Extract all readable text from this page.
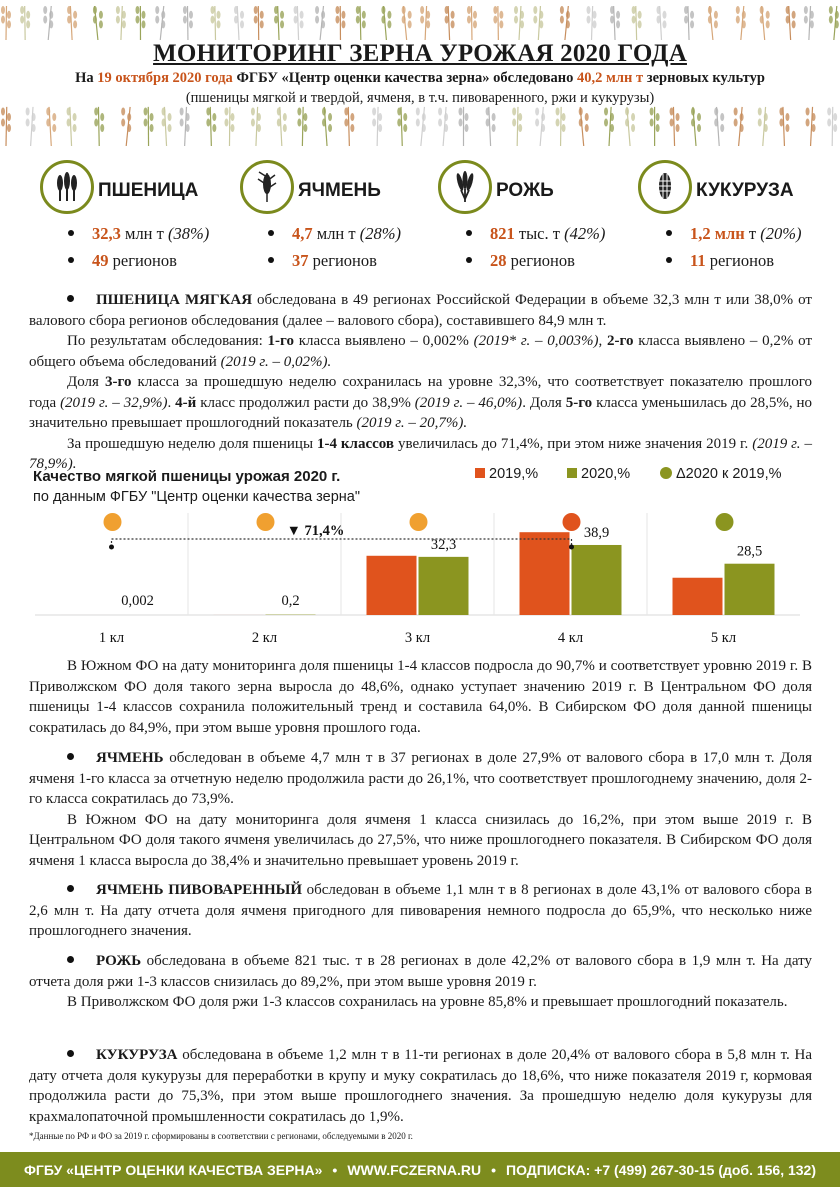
МОНИТОРИНГ ЗЕРНА УРОЖАЯ 2020 ГОДА
На 19 октября 2020 года ФГБУ «Центр оценки качества зерна» обследовано 40,2 млн т зерновых культур
(пшеницы мягкой и твердой, ячменя, в т.ч. пивоваренного, ржи и кукурузы)
ПШЕНИЦА
32,3 млн т (38%)
49 регионов
ЯЧМЕНЬ
4,7 млн т (28%)
37 регионов
РОЖЬ
821 тыс. т (42%)
28 регионов
КУКУРУЗА
1,2 млн т (20%)
11 регионов

ПШЕНИЦА МЯГКАЯ обследована в 49 регионах Российской Федерации в объеме 32,3 млн т или 38,0% от валового сбора регионов обследования (далее – валового сбора), составившего 84,9 млн т.

По результатам обследования: 1-го класса выявлено – 0,002% (2019* г. – 0,003%), 2-го класса выявлено – 0,2% от общего объема обследований (2019 г. – 0,02%).

Доля 3-го класса за прошедшую неделю сохранилась на уровне 32,3%, что соответствует показателю прошлого года (2019 г. – 32,9%). 4-й класс продолжил расти до 38,9% (2019 г. – 46,0%). Доля 5-го класса уменьшилась до 28,5%, но значительно превышает прошлогодний показатель (2019 г. – 20,7%).

За прошедшую неделю доля пшеницы 1-4 классов увеличилась до 71,4%, при этом ниже значения 2019 г. (2019 г. – 78,9%).

Качество мягкой пшеницы урожая 2020 г.
по данным ФГБУ "Центр оценки качества зерна"
2019,%	2020,%	Δ2020 к 2019,%
0,002
1 кл
0,2
2 кл
32,3
3 кл
38,9
4 кл
28,5
5 кл
▼ 71,4%

В Южном ФО на дату мониторинга доля пшеницы 1-4 классов подросла до 90,7% и соответствует уровню 2019 г. В Приволжском ФО доля такого зерна выросла до 48,6%, однако уступает значению 2019 г. В Центральном ФО доля пшеницы 1-4 классов сохранила положительный тренд и составила 64,0%. В Сибирском ФО доля данной пшеницы сократилась до 84,9%, при этом выше уровня прошлого года.

ЯЧМЕНЬ обследован в объеме 4,7 млн т в 37 регионах в доле 27,9% от валового сбора в 17,0 млн т. Доля ячменя 1-го класса за отчетную неделю продолжила расти до 26,1%, что соответствует прошлогоднему значению, доля 2-го класса сократилась до 73,9%.

В Южном ФО на дату мониторинга доля ячменя 1 класса снизилась до 16,2%, при этом выше 2019 г. В Центральном ФО доля такого ячменя увеличилась до 27,5%, что ниже прошлогоднего показателя. В Сибирском ФО доля ячменя 1 класса выросла до 38,4% и значительно превышает уровень 2019 г.

ЯЧМЕНЬ ПИВОВАРЕННЫЙ обследован в объеме 1,1 млн т в 8 регионах в доле 43,1% от валового сбора в 2,6 млн т. На дату отчета доля ячменя пригодного для пивоварения немного подросла до 65,9%, что несколько ниже прошлогоднего значения.

РОЖЬ обследована в объеме 821 тыс. т в 28 регионах в доле 42,2% от валового сбора в 1,9 млн т. На дату отчета доля ржи 1-3 классов снизилась до 89,2%, при этом выше уровня 2019 г.

В Приволжском ФО доля ржи 1-3 классов сохранилась на уровне 85,8% и превышает прошлогодний показатель.

КУКУРУЗА обследована в объеме 1,2 млн т в 11-ти регионах в доле 20,4% от валового сбора в 5,8 млн т. На дату отчета доля кукурузы для переработки в крупу и муку сократилась до 18,6%, что ниже показателя 2019 г, кормовая продолжила расти до 75,3%, при этом выше прошлогоднего значения. За прошедшую неделю доля кукурузы для крахмалопаточной промышленности сократилась до 1,9%.

*Данные по РФ и ФО за 2019 г. сформированы в соответствии с регионами, обследуемыми в 2020 г.
ФГБУ «ЦЕНТР ОЦЕНКИ КАЧЕСТВА ЗЕРНА» • WWW.FCZERNA.RU • ПОДПИСКА: +7 (499) 267-30-15 (доб. 156, 132)
